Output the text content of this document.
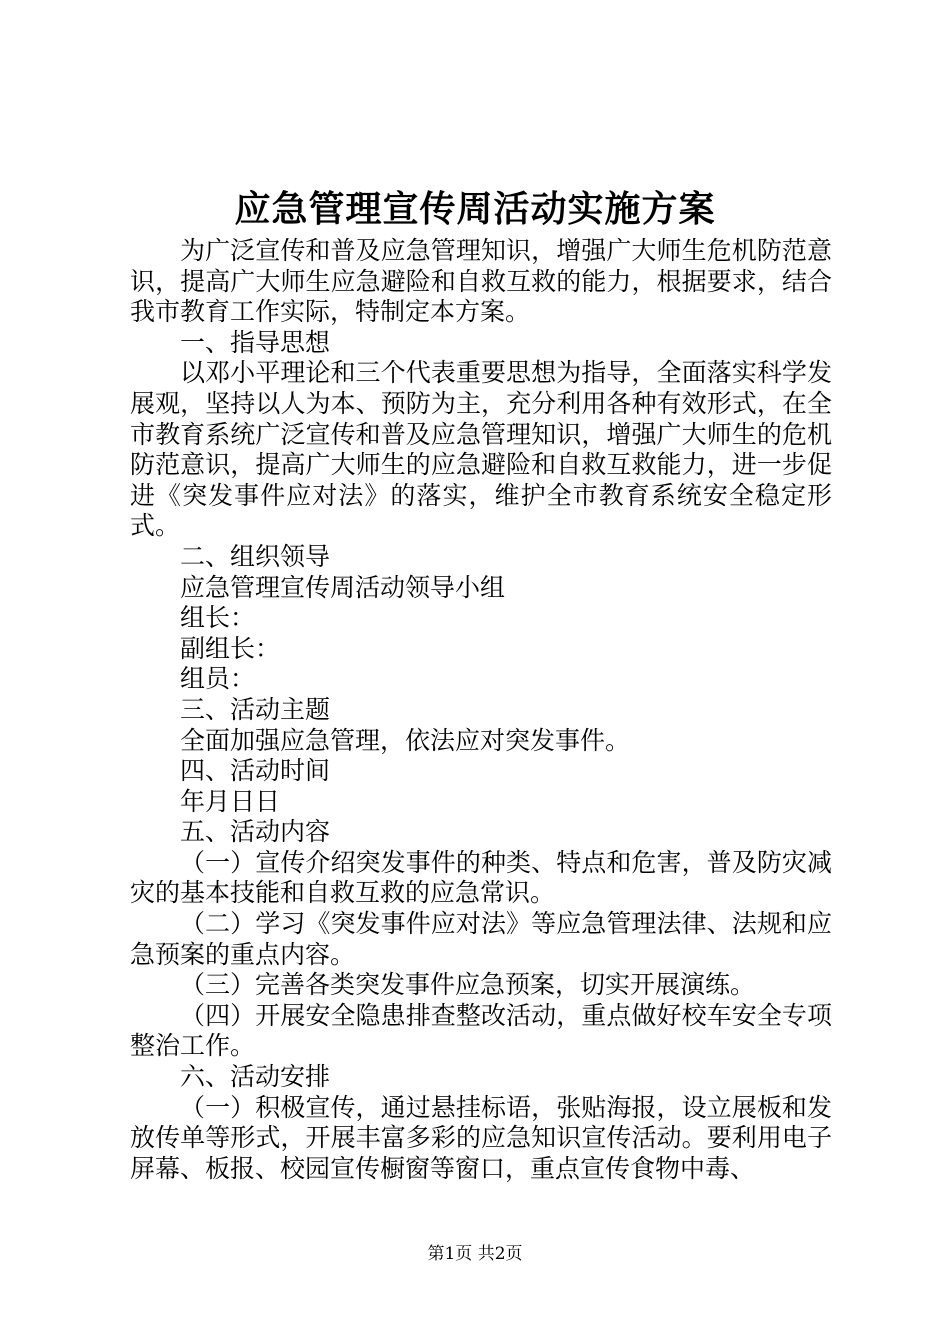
应急管理宣传周活动实施方案

为广泛宣传和普及应急管理知识，增强广大师生危机防范意识，提高广大师生应急避险和自救互救的能力，根据要求，结合我市教育工作实际，特制定本方案。

一、指导思想

以邓小平理论和三个代表重要思想为指导，全面落实科学发展观，坚持以人为本、预防为主，充分利用各种有效形式，在全市教育系统广泛宣传和普及应急管理知识，增强广大师生的危机防范意识，提高广大师生的应急避险和自救互救能力，进一步促进《突发事件应对法》的落实，维护全市教育系统安全稳定形式。

二、组织领导

应急管理宣传周活动领导小组

组长：

副组长：

组员：

三、活动主题

全面加强应急管理，依法应对突发事件。

四、活动时间

年月日日

五、活动内容

（一）宣传介绍突发事件的种类、特点和危害，普及防灾减灾的基本技能和自救互救的应急常识。

（二）学习《突发事件应对法》等应急管理法律、法规和应急预案的重点内容。

（三）完善各类突发事件应急预案，切实开展演练。

（四）开展安全隐患排查整改活动，重点做好校车安全专项整治工作。

六、活动安排

（一）积极宣传，通过悬挂标语，张贴海报，设立展板和发放传单等形式，开展丰富多彩的应急知识宣传活动。要利用电子屏幕、板报、校园宣传橱窗等窗口，重点宣传食物中毒、

第1页 共2页
